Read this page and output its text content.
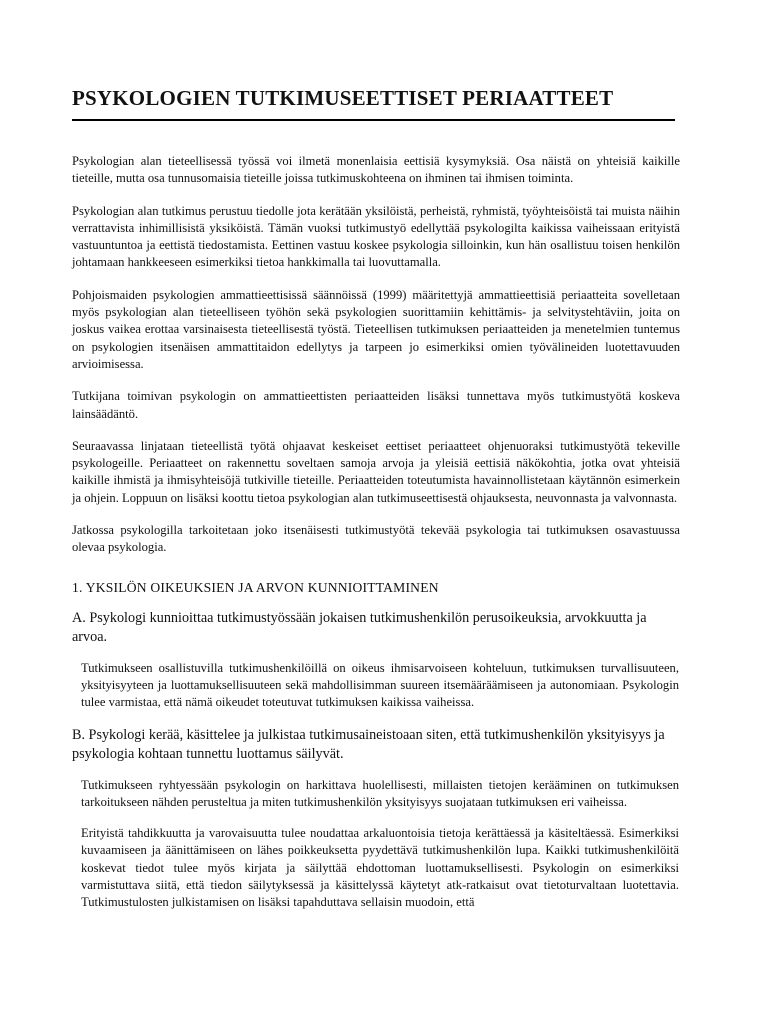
PSYKOLOGIEN TUTKIMUSEETTISET PERIAATTEET

Psykologian alan tieteellisessä työssä voi ilmetä monenlaisia eettisiä kysymyksiä. Osa näistä on yhteisiä kaikille tieteille, mutta osa tunnusomaisia tieteille joissa tutkimuskohteena on ihminen tai ihmisen toiminta.

Psykologian alan tutkimus perustuu tiedolle jota kerätään yksilöistä, perheistä, ryhmistä, työyhteisöistä tai muista näihin verrattavista inhimillisistä yksiköistä. Tämän vuoksi tutkimustyö edellyttää psykologilta kaikissa vaiheissaan erityistä vastuuntuntoa ja eettistä tiedostamista. Eettinen vastuu koskee psykologia silloinkin, kun hän osallistuu toisen henkilön johtamaan hankkeeseen esimerkiksi tietoa hankkimalla tai luovuttamalla.

Pohjoismaiden psykologien ammattieettisissä säännöissä (1999) määritettyjä ammattieettisiä periaatteita sovelletaan myös psykologian alan tieteelliseen työhön sekä psykologien suorittamiin kehittämis- ja selvitystehtäviin, joita on joskus vaikea erottaa varsinaisesta tieteellisestä työstä. Tieteellisen tutkimuksen periaatteiden ja menetelmien tuntemus on psykologien itsenäisen ammattitaidon edellytys ja tarpeen jo esimerkiksi omien työvälineiden luotettavuuden arvioimisessa.

Tutkijana toimivan psykologin on ammattieettisten periaatteiden lisäksi tunnettava myös tutkimustyötä koskeva lainsäädäntö.

Seuraavassa linjataan tieteellistä työtä ohjaavat keskeiset eettiset periaatteet ohjenuoraksi tutkimustyötä tekeville psykologeille. Periaatteet on rakennettu soveltaen samoja arvoja ja yleisiä eettisiä näkökohtia, jotka ovat yhteisiä kaikille ihmistä ja ihmisyhteisöjä tutkiville tieteille. Periaatteiden toteutumista havainnollistetaan käytännön esimerkein ja ohjein. Loppuun on lisäksi koottu tietoa psykologian alan tutkimuseettisestä ohjauksesta, neuvonnasta ja valvonnasta.

Jatkossa psykologilla tarkoitetaan joko itsenäisesti tutkimustyötä tekevää psykologia tai tutkimuksen osavastuussa olevaa psykologia.

1. YKSILÖN OIKEUKSIEN JA ARVON KUNNIOITTAMINEN
A. Psykologi kunnioittaa tutkimustyössään jokaisen tutkimushenkilön perusoikeuksia, arvokkuutta ja arvoa.

Tutkimukseen osallistuvilla tutkimushenkilöillä on oikeus ihmisarvoiseen kohteluun, tutkimuksen turvallisuuteen, yksityisyyteen ja luottamuksellisuuteen sekä mahdollisimman suureen itsemääräämiseen ja autonomiaan. Psykologin tulee varmistaa, että nämä oikeudet toteutuvat tutkimuksen kaikissa vaiheissa.

B. Psykologi kerää, käsittelee ja julkistaa tutkimusaineistoaan siten, että tutkimushenkilön yksityisyys ja psykologia kohtaan tunnettu luottamus säilyvät.

Tutkimukseen ryhtyessään psykologin on harkittava huolellisesti, millaisten tietojen kerääminen on tutkimuksen tarkoitukseen nähden perusteltua ja miten tutkimushenkilön yksityisyys suojataan tutkimuksen eri vaiheissa.

Erityistä tahdikkuutta ja varovaisuutta tulee noudattaa arkaluontoisia tietoja kerättäessä ja käsiteltäessä. Esimerkiksi kuvaamiseen ja äänittämiseen on lähes poikkeuksetta pyydettävä tutkimushenkilön lupa. Kaikki tutkimushenkilöitä koskevat tiedot tulee myös kirjata ja säilyttää ehdottoman luottamuksellisesti. Psykologin on esimerkiksi varmistuttava siitä, että tiedon säilytyksessä ja käsittelyssä käytetyt atk-ratkaisut ovat tietoturvaltaan luotettavia. Tutkimustulosten julkistamisen on lisäksi tapahduttava sellaisin muodoin, että
